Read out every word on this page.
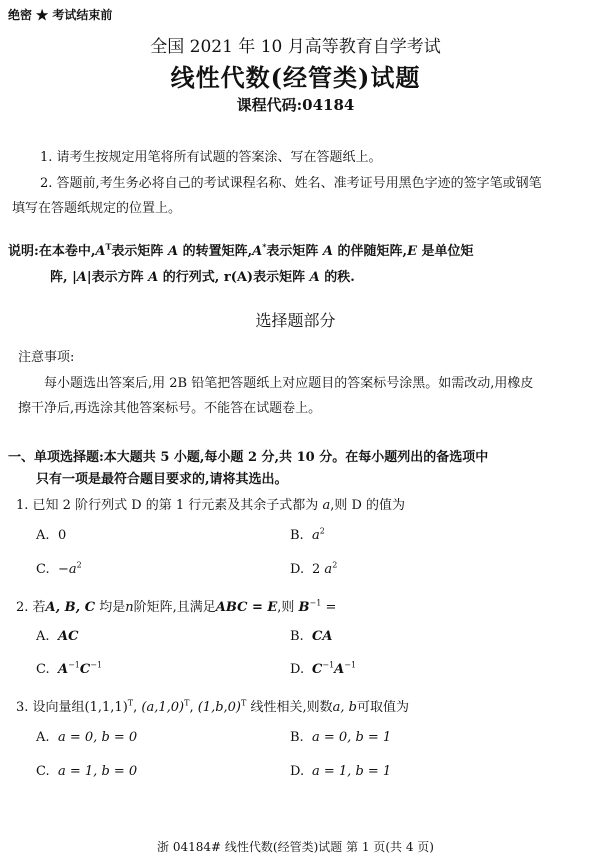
绝密 ★ 考试结束前
全国 2021 年 10 月高等教育自学考试
线性代数(经管类)试题
课程代码:04184
1. 请考生按规定用笔将所有试题的答案涂、写在答题纸上。
2. 答题前,考生务必将自己的考试课程名称、姓名、准考证号用黑色字迹的签字笔或钢笔
填写在答题纸规定的位置上。
说明:在本卷中$,A^T$表示矩阵 A 的转置矩阵,A*表示矩阵 A 的伴随矩阵,E 是单位矩
阵, |A|表示方阵 A 的行列式, r(A)表示矩阵 A 的秩.
选择题部分
注意事项:
每小题选出答案后,用 2B 铅笔把答题纸上对应题目的答案标号涂黑。如需改动,用橡皮
擦干净后,再选涂其他答案标号。不能答在试题卷上。
一、单项选择题:本大题共 5 小题,每小题 2 分,共 10 分。在每小题列出的备选项中
只有一项是最符合题目要求的,请将其选出。
1. 已知 2 阶行列式 D 的第 1 行元素及其余子式都为 a,则 D 的值为
A. 0	B. $a^2$
C. $-a^2$	D. 2 $a^2$
2. 若A, B, C 均是n阶矩阵,且满足ABC = E,则 $B^{-1}$ =
A. AC	B. CA
C. $A^{-1}C^{-1}$	D. $C^{-1}A^{-1}$
3. 设向量组$(1,1,1)^T$, $(a,1,0)^T$, $(1,b,0)^T$ 线性相关,则数a, b可取值为
A. a = 0, b = 0	B. a = 0, b = 1
C. a = 1, b = 0	D. a = 1, b = 1
浙 04184# 线性代数(经管类)试题 第 1 页(共 4 页)
